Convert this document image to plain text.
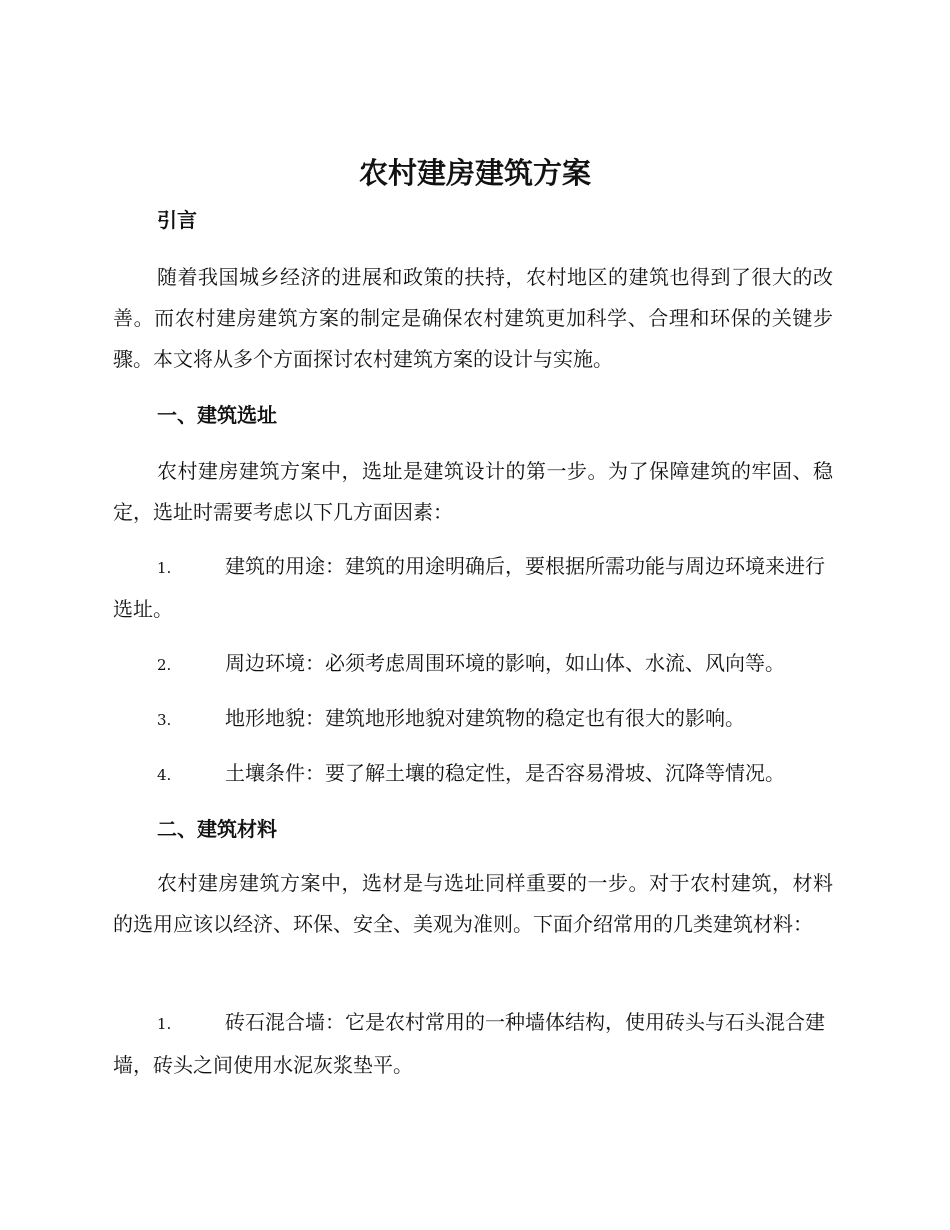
农村建房建筑方案
引言

随着我国城乡经济的进展和政策的扶持，农村地区的建筑也得到了很大的改善。而农村建房建筑方案的制定是确保农村建筑更加科学、合理和环保的关键步骤。本文将从多个方面探讨农村建筑方案的设计与实施。

一、建筑选址

农村建房建筑方案中，选址是建筑设计的第一步。为了保障建筑的牢固、稳定，选址时需要考虑以下几方面因素：

1.	建筑的用途：建筑的用途明确后，要根据所需功能与周边环境来进行选址。

2.	周边环境：必须考虑周围环境的影响，如山体、水流、风向等。

3.	地形地貌：建筑地形地貌对建筑物的稳定也有很大的影响。

4.	土壤条件：要了解土壤的稳定性，是否容易滑坡、沉降等情况。

二、建筑材料

农村建房建筑方案中，选材是与选址同样重要的一步。对于农村建筑，材料的选用应该以经济、环保、安全、美观为准则。下面介绍常用的几类建筑材料：

1.	砖石混合墙：它是农村常用的一种墙体结构，使用砖头与石头混合建墙，砖头之间使用水泥灰浆垫平。
